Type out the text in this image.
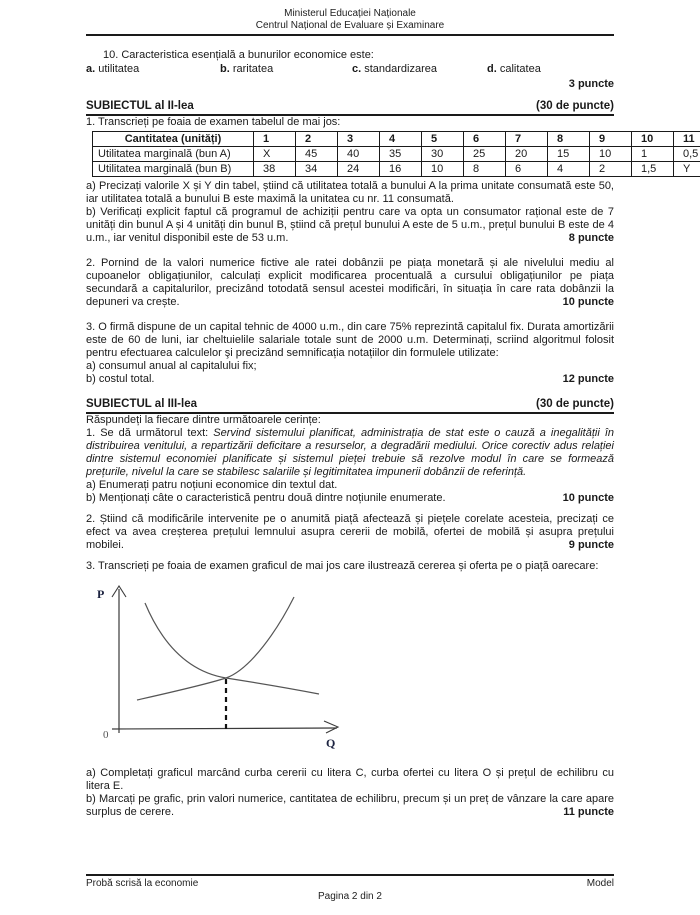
Ministerul Educației Naționale
Centrul Național de Evaluare și Examinare
10. Caracteristica esențială a bunurilor economice este:
a. utilitatea	b. raritatea	c. standardizarea	d. calitatea
3 puncte
SUBIECTUL al II-lea	(30 de puncte)
1. Transcrieți pe foaia de examen tabelul de mai jos:
Cantitatea (unități)	1	2	3	4	5	6	7	8	9	10	11
Utilitatea marginală (bun A)	X	45	40	35	30	25	20	15	10	1	0,5
Utilitatea marginală (bun B)	38	34	24	16	10	8	6	4	2	1,5	Y
a) Precizați valorile X și Y din tabel, știind că utilitatea totală a bunului A la prima unitate consumată este 50, iar utilitatea totală a bunului B este maximă la unitatea cu nr. 11 consumată.
b) Verificați explicit faptul că programul de achiziții pentru care va opta un consumator rațional este de 7 unități din bunul A și 4 unități din bunul B, știind că prețul bunului A este de 5 u.m., prețul bunului B este de 4 u.m., iar venitul disponibil este de 53 u.m.	8 puncte
2. Pornind de la valori numerice fictive ale ratei dobânzii pe piața monetară și ale nivelului mediu al cupoanelor obligațiunilor, calculați explicit modificarea procentuală a cursului obligațiunilor pe piața secundară a capitalurilor, precizând totodată sensul acestei modificări, în situația în care rata dobânzii la depuneri va crește.	10 puncte
3. O firmă dispune de un capital tehnic de 4000 u.m., din care 75% reprezintă capitalul fix. Durata amortizării este de 60 de luni, iar cheltuielile salariale totale sunt de 2000 u.m. Determinați, scriind algoritmul folosit pentru efectuarea calculelor şi precizând semnificația notațiilor din formulele utilizate:
a) consumul anual al capitalului fix;
b) costul total.	12 puncte
SUBIECTUL al III-lea	(30 de puncte)
Răspundeți la fiecare dintre următoarele cerințe:
1. Se dă următorul text: Servind sistemului planificat, administrația de stat este o cauză a inegalității în distribuirea venitului, a repartizării deficitare a resurselor, a degradării mediului. Orice corectiv adus relației dintre sistemul economiei planificate și sistemul pieței trebuie să rezolve modul în care se formează prețurile, nivelul la care se stabilesc salariile și legitimitatea impunerii dobânzii de referință.
a) Enumerați patru noțiuni economice din textul dat.
b) Menționați câte o caracteristică pentru două dintre noțiunile enumerate.	10 puncte
2. Știind că modificările intervenite pe o anumită piață afectează și piețele corelate acesteia, precizați ce efect va avea creșterea prețului lemnului asupra cererii de mobilă, ofertei de mobilă și asupra prețului mobilei.	9 puncte
3. Transcrieți pe foaia de examen graficul de mai jos care ilustrează cererea și oferta pe o piață oarecare:
P
0
Q
a) Completați graficul marcând curba cererii cu litera C, curba ofertei cu litera O și prețul de echilibru cu litera E.
b) Marcați pe grafic, prin valori numerice, cantitatea de echilibru, precum și un preț de vânzare la care apare surplus de cerere.	11 puncte
Probă scrisă la economie	Model
Pagina 2 din 2
